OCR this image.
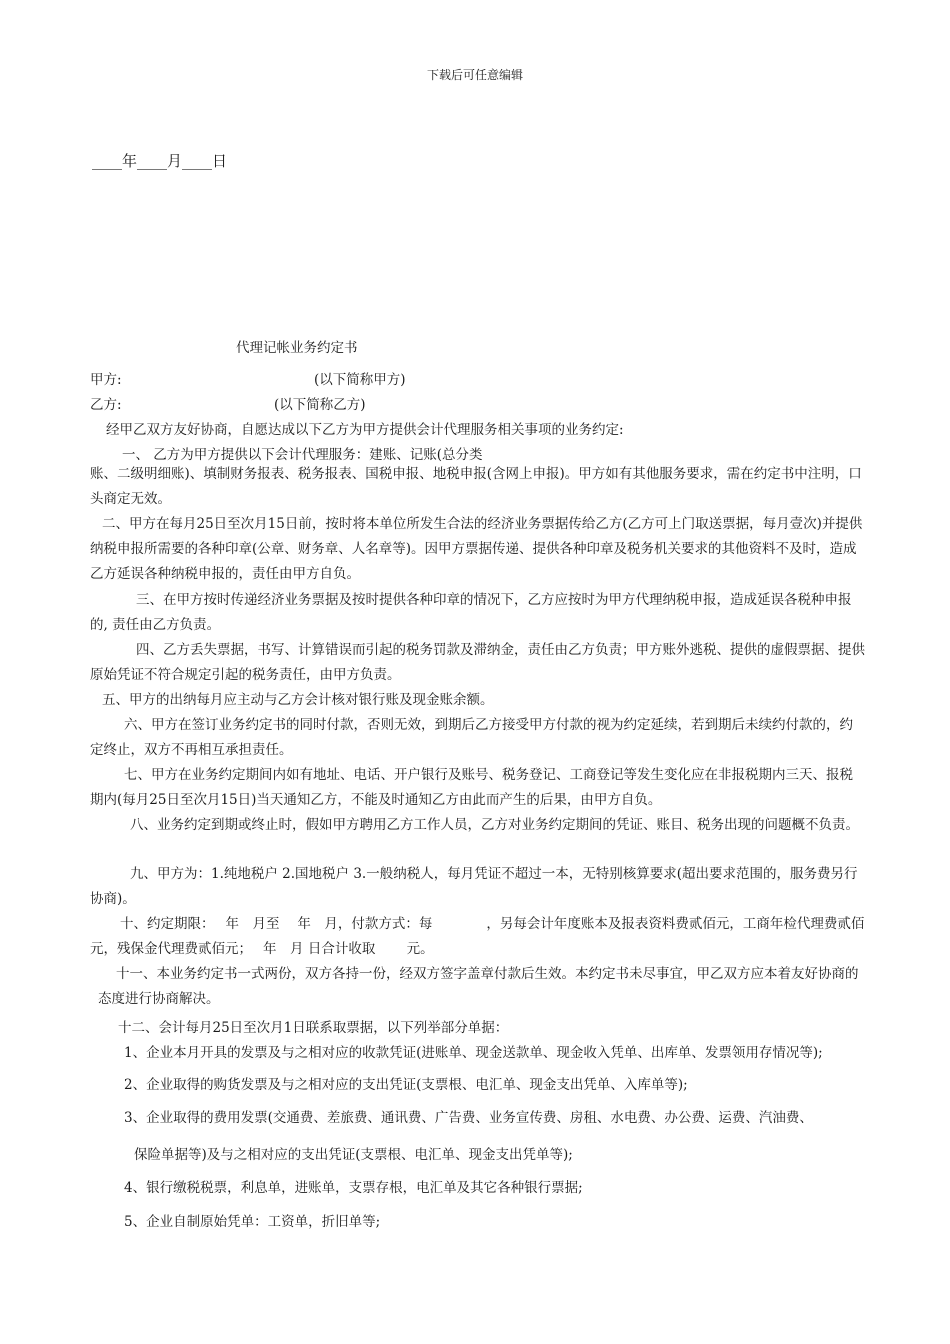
下载后可任意编辑
____年____月____日
代理记帐业务约定书
甲方:	(以下简称甲方)
乙方:	(以下简称乙方)
经甲乙双方友好协商，自愿达成以下乙方为甲方提供会计代理服务相关事项的业务约定:
一、 乙方为甲方提供以下会计代理服务：建账、记账(总分类
账、二级明细账)、填制财务报表、税务报表、国税申报、地税申报(含网上申报)。甲方如有其他服务要求，需在约定书中注明，口头商定无效。
二、甲方在每月25日至次月15日前，按时将本单位所发生合法的经济业务票据传给乙方(乙方可上门取送票据，每月壹次)并提供纳税申报所需要的各种印章(公章、财务章、人名章等)。因甲方票据传递、提供各种印章及税务机关要求的其他资料不及时，造成乙方延误各种纳税申报的，责任由甲方自负。
三、在甲方按时传递经济业务票据及按时提供各种印章的情况下，乙方应按时为甲方代理纳税申报，造成延误各税种申报的, 责任由乙方负责。
四、乙方丢失票据，书写、计算错误而引起的税务罚款及滞纳金，责任由乙方负责；甲方账外逃税、提供的虚假票据、提供原始凭证不符合规定引起的税务责任，由甲方负责。
五、甲方的出纳每月应主动与乙方会计核对银行账及现金账余额。
六、甲方在签订业务约定书的同时付款，否则无效，到期后乙方接受甲方付款的视为约定延续，若到期后未续约付款的，约定终止，双方不再相互承担责任。
七、甲方在业务约定期间内如有地址、电话、开户银行及账号、税务登记、工商登记等发生变化应在非报税期内三天、报税期内(每月25日至次月15日)当天通知乙方，不能及时通知乙方由此而产生的后果，由甲方自负。
八、业务约定到期或终止时，假如甲方聘用乙方工作人员，乙方对业务约定期间的凭证、账目、税务出现的问题概不负责。
九、甲方为：1.纯地税户 2.国地税户 3.一般纳税人，每月凭证不超过一本，无特别核算要求(超出要求范围的，服务费另行协商)。
十、约定期限：　 年　月至　 年　月，付款方式：每　　　　，另每会计年度账本及报表资料费贰佰元，工商年检代理费贰佰元，残保金代理费贰佰元；　 年　月 日合计收取　　 元。
十一、本业务约定书一式两份，双方各持一份，经双方签字盖章付款后生效。本约定书未尽事宜，甲乙双方应本着友好协商的态度进行协商解决。
十二、会计每月25日至次月1日联系取票据，以下列举部分单据：
1、企业本月开具的发票及与之相对应的收款凭证(进账单、现金送款单、现金收入凭单、出库单、发票领用存情况等);
2、企业取得的购货发票及与之相对应的支出凭证(支票根、电汇单、现金支出凭单、入库单等);
3、企业取得的费用发票(交通费、差旅费、通讯费、广告费、业务宣传费、房租、水电费、办公费、运费、汽油费、
保险单据等)及与之相对应的支出凭证(支票根、电汇单、现金支出凭单等);
4、银行缴税税票，利息单，进账单，支票存根，电汇单及其它各种银行票据;
5、企业自制原始凭单：工资单，折旧单等;
